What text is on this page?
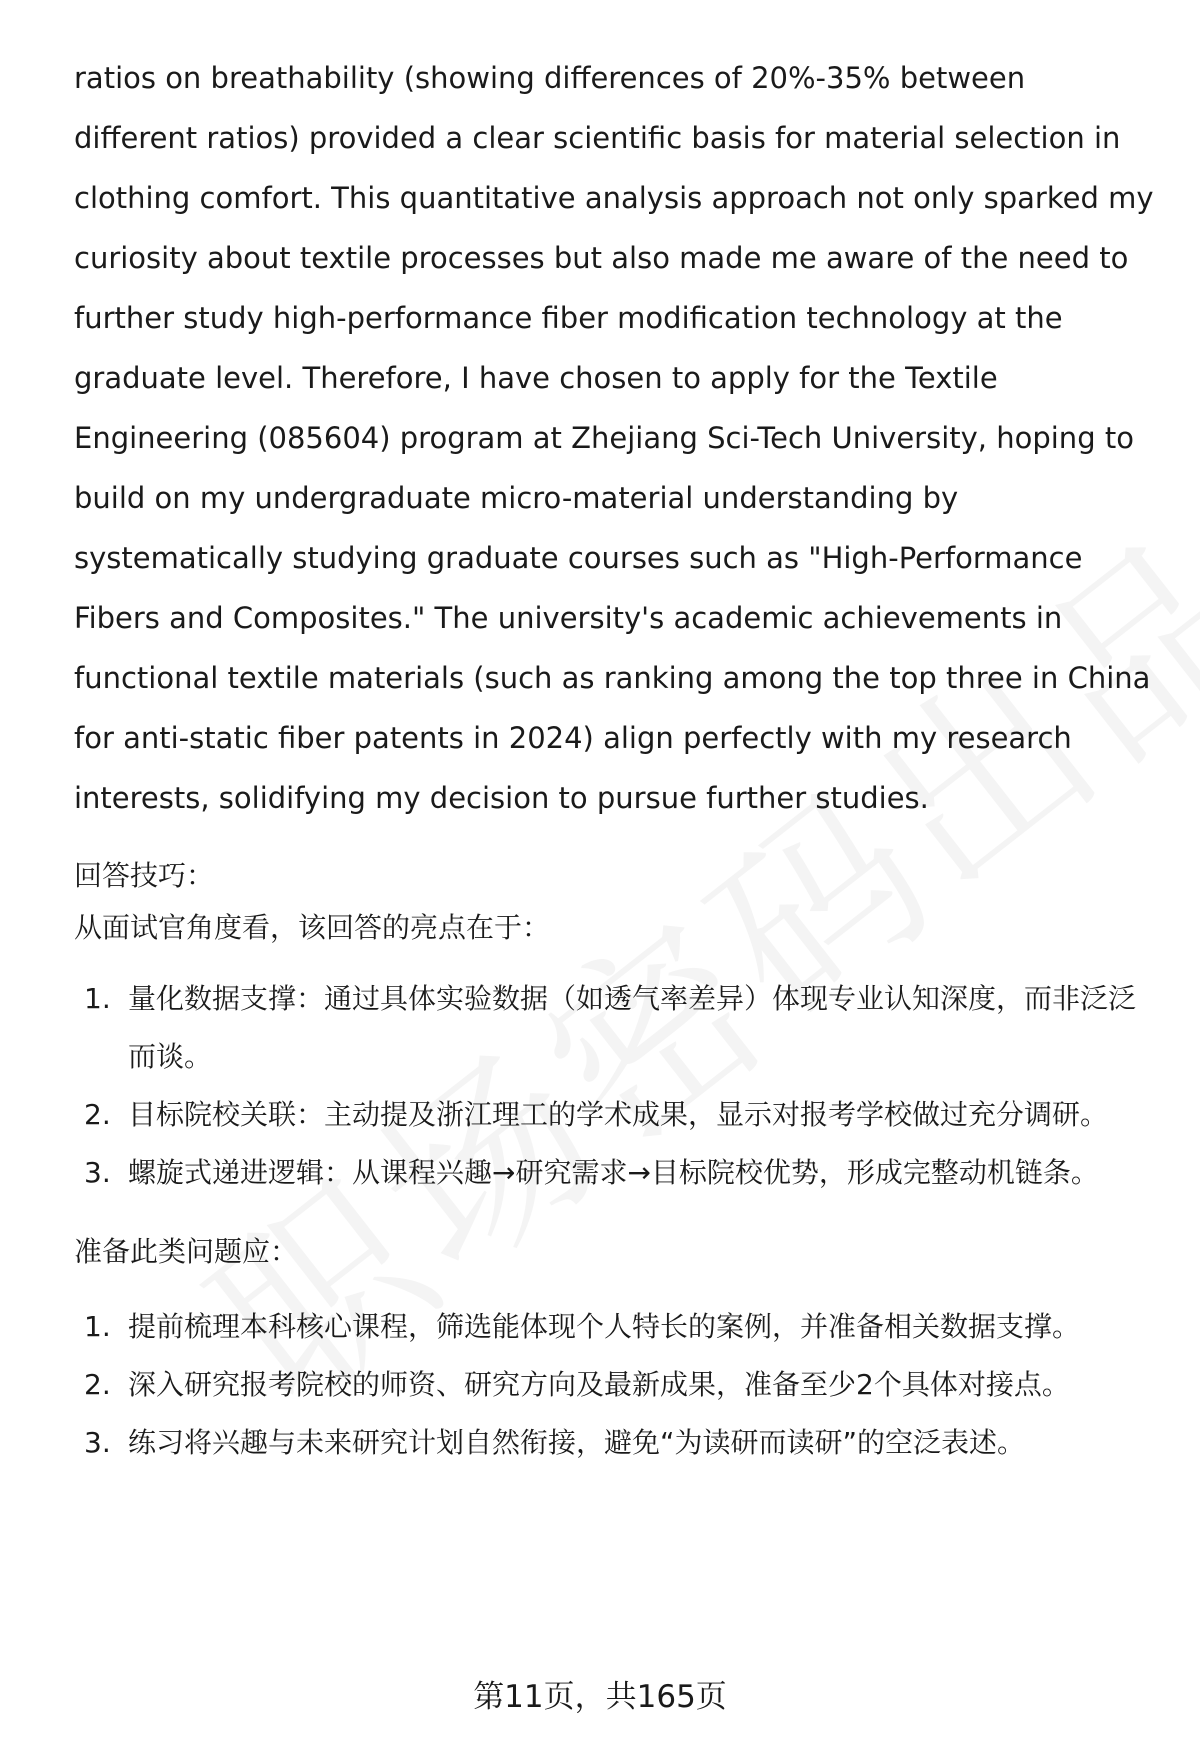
ratios on breathability (showing differences of 20%-35% between different ratios) provided a clear scientific basis for material selection in clothing comfort. This quantitative analysis approach not only sparked my curiosity about textile processes but also made me aware of the need to further study high-performance fiber modification technology at the graduate level. Therefore, I have chosen to apply for the Textile Engineering (085604) program at Zhejiang Sci-Tech University, hoping to build on my undergraduate micro-material understanding by systematically studying graduate courses such as "High-Performance Fibers and Composites." The university's academic achievements in functional textile materials (such as ranking among the top three in China for anti-static fiber patents in 2024) align perfectly with my research interests, solidifying my decision to pursue further studies.

回答技巧：

从面试官角度看，该回答的亮点在于：

1. 量化数据支撑：通过具体实验数据（如透气率差异）体现专业认知深度，而非泛泛而谈。
2. 目标院校关联：主动提及浙江理工的学术成果，显示对报考学校做过充分调研。
3. 螺旋式递进逻辑：从课程兴趣→研究需求→目标院校优势，形成完整动机链条。

准备此类问题应：

1. 提前梳理本科核心课程，筛选能体现个人特长的案例，并准备相关数据支撑。
2. 深入研究报考院校的师资、研究方向及最新成果，准备至少2个具体对接点。
3. 练习将兴趣与未来研究计划自然衔接，避免“为读研而读研”的空泛表述。
第11页，共165页
